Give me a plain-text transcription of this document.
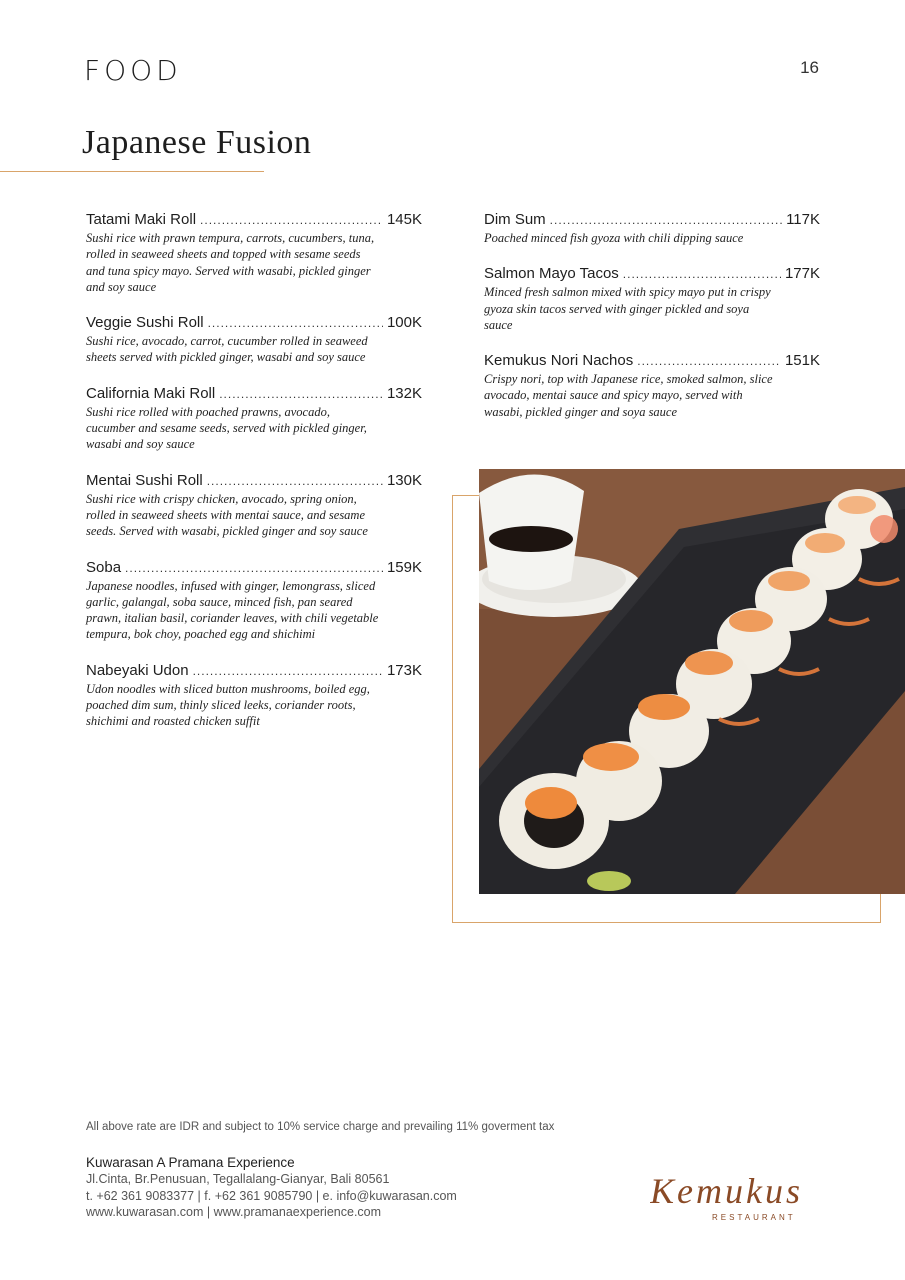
FOOD	16
Japanese Fusion
Tatami Maki Roll .....	145K
Sushi rice with prawn tempura, carrots, cucumbers, tuna, rolled in seaweed sheets and topped with sesame seeds and tuna spicy mayo. Served with wasabi, pickled ginger and soy sauce
Veggie Sushi Roll .....	100K
Sushi rice, avocado, carrot, cucumber rolled in seaweed sheets served with pickled ginger, wasabi and soy sauce
California Maki Roll .....	132K
Sushi rice rolled with poached prawns, avocado, cucumber and sesame seeds, served with pickled ginger, wasabi and soy sauce
Mentai Sushi Roll .....	130K
Sushi rice with crispy chicken, avocado, spring onion, rolled in seaweed sheets with mentai sauce, and sesame seeds. Served with wasabi, pickled ginger and soy sauce
Soba .....	159K
Japanese noodles, infused with ginger, lemongrass, sliced garlic, galangal, soba sauce, minced fish, pan seared prawn, italian basil, coriander leaves, with chili vegetable tempura, bok choy, poached egg and shichimi
Nabeyaki Udon .....	173K
Udon noodles with sliced button mushrooms, boiled egg, poached dim sum, thinly sliced leeks, coriander roots, shichimi and roasted chicken suffit
Dim Sum .....	117K
Poached minced fish gyoza with chili dipping sauce
Salmon Mayo Tacos .....	177K
Minced fresh salmon mixed with spicy mayo put in crispy gyoza skin tacos served with ginger pickled and soya sauce
Kemukus Nori Nachos .....	151K
Crispy nori, top with Japanese rice, smoked salmon, slice avocado, mentai sauce and spicy mayo, served with wasabi, pickled ginger and soya sauce
All above rate are IDR and subject to 10% service charge and prevailing 11% goverment tax
Kuwarasan A Pramana Experience
Jl.Cinta, Br.Penusuan, Tegallalang-Gianyar, Bali 80561
t. +62 361 9083377 | f. +62 361 9085790 | e. info@kuwarasan.com
www.kuwarasan.com | www.pramanaexperience.com
Kemukus
RESTAURANT
